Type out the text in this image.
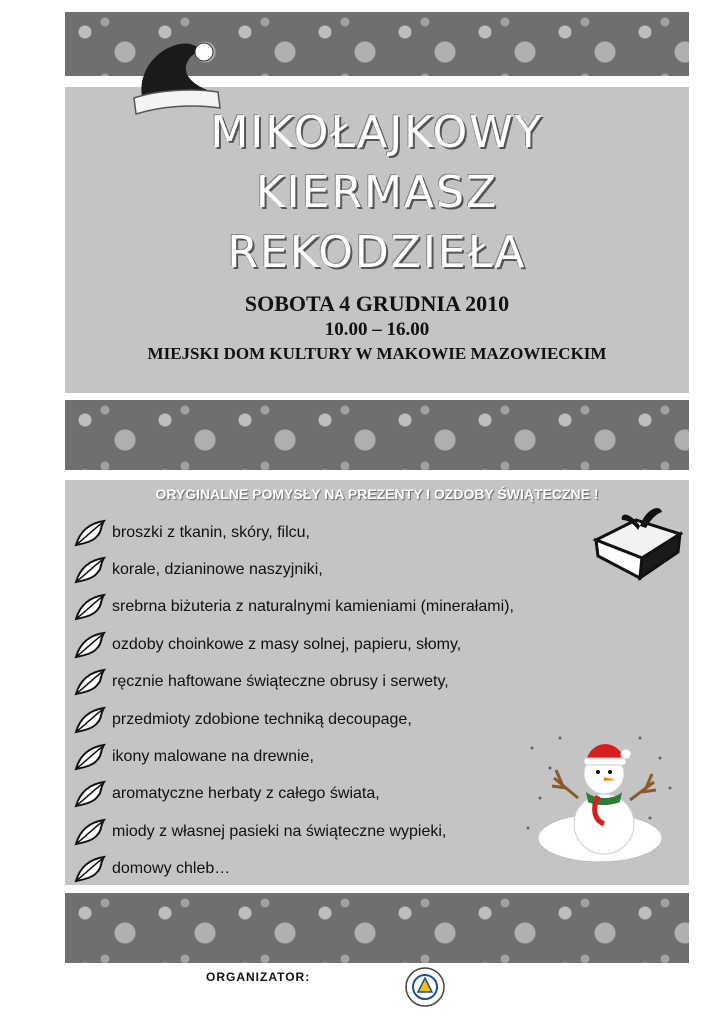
MIKOŁAJKOWY
KIERMASZ
REKODZIEŁA
SOBOTA 4 GRUDNIA 2010
10.00 – 16.00
MIEJSKI DOM KULTURY W MAKOWIE MAZOWIECKIM
ORYGINALNE POMYSŁY NA PREZENTY I OZDOBY ŚWIĄTECZNE !
broszki z tkanin, skóry, filcu,
korale, dzianinowe naszyjniki,
srebrna biżuteria z naturalnymi kamieniami (minerałami),
ozdoby choinkowe z masy solnej, papieru, słomy,
ręcznie haftowane świąteczne obrusy i serwety,
przedmioty zdobione techniką decoupage,
ikony malowane na drewnie,
aromatyczne herbaty z całego świata,
miody z własnej pasieki na świąteczne wypieki,
domowy chleb…
ORGANIZATOR:
